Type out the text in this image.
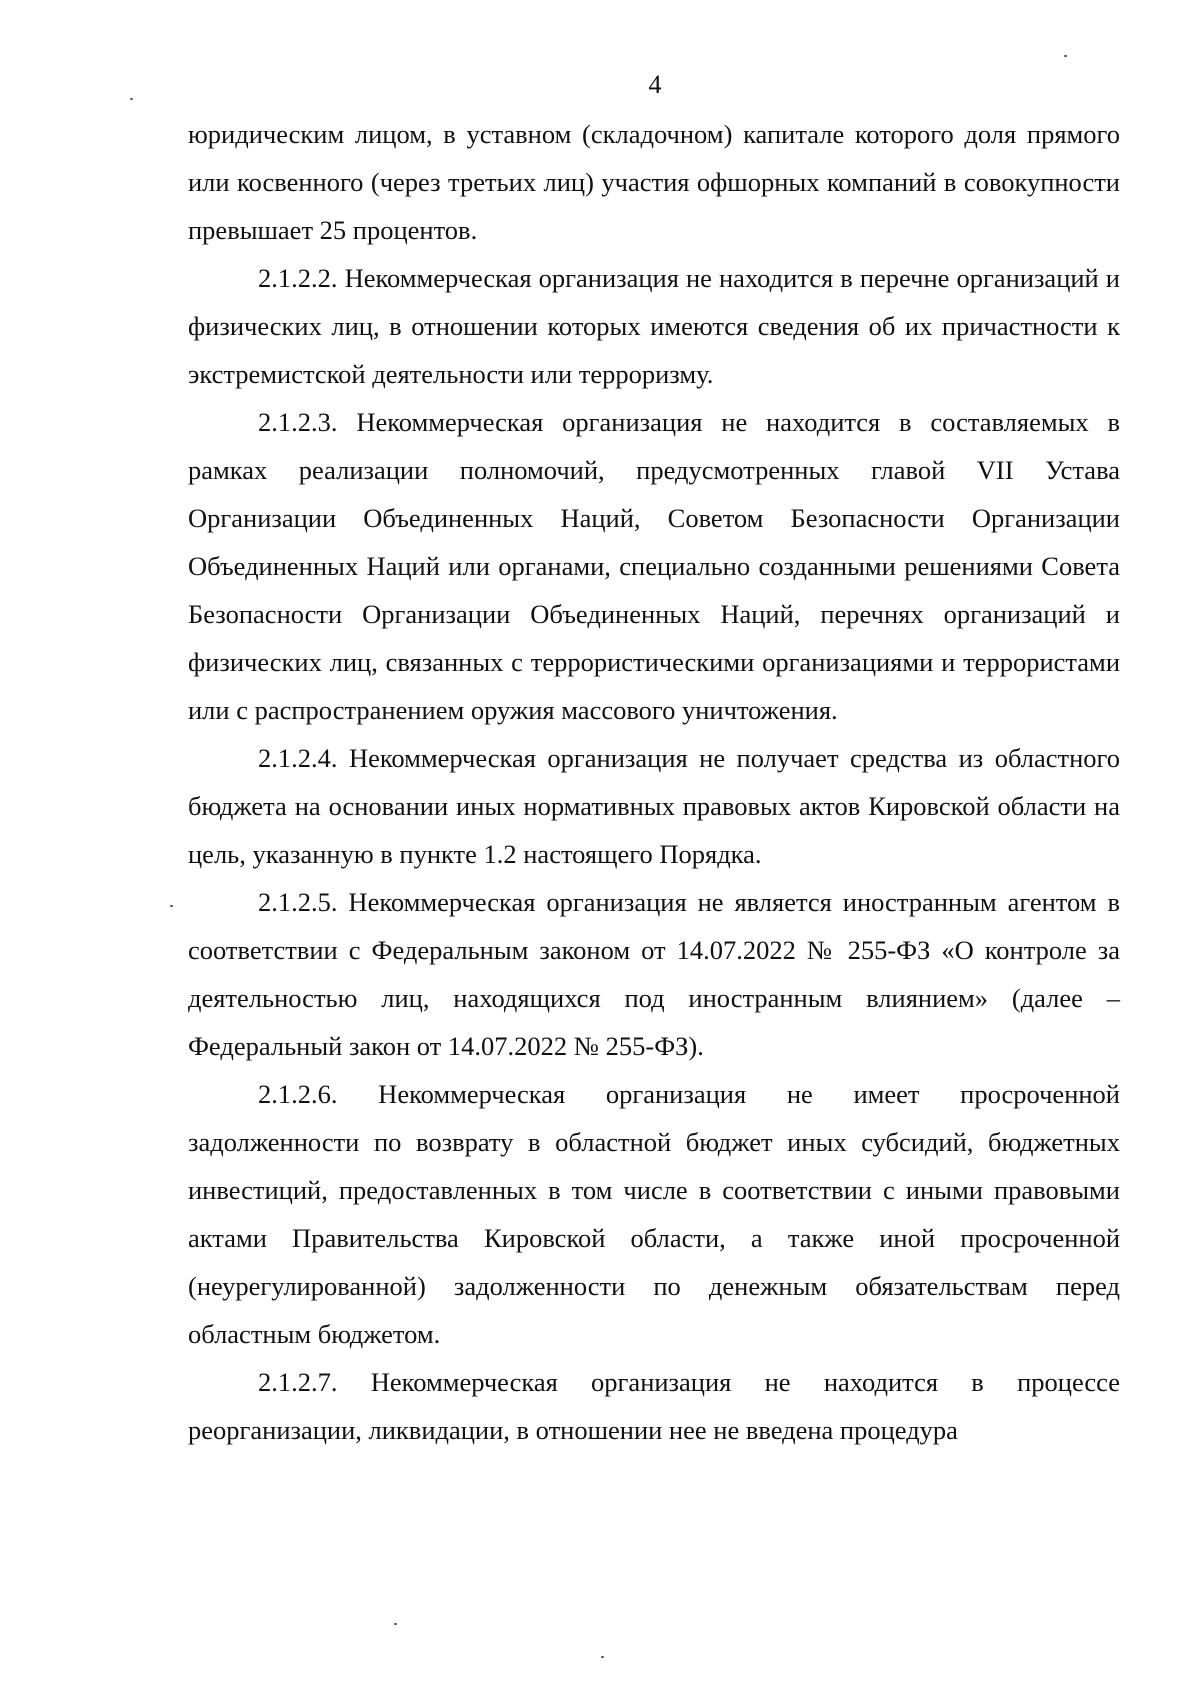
4

юридическим лицом, в уставном (складочном) капитале которого доля прямого или косвенного (через третьих лиц) участия офшорных компаний в совокупности превышает 25 процентов.

2.1.2.2. Некоммерческая организация не находится в перечне организаций и физических лиц, в отношении которых имеются сведения об их причастности к экстремистской деятельности или терроризму.

2.1.2.3. Некоммерческая организация не находится в составляемых в рамках реализации полномочий, предусмотренных главой VII Устава Организации Объединенных Наций, Советом Безопасности Организации Объединенных Наций или органами, специально созданными решениями Совета Безопасности Организации Объединенных Наций, перечнях организаций и физических лиц, связанных с террористическими организациями и террористами или с распространением оружия массового уничтожения.

2.1.2.4. Некоммерческая организация не получает средства из областного бюджета на основании иных нормативных правовых актов Кировской области на цель, указанную в пункте 1.2 настоящего Порядка.

2.1.2.5. Некоммерческая организация не является иностранным агентом в соответствии с Федеральным законом от 14.07.2022 № 255-ФЗ «О контроле за деятельностью лиц, находящихся под иностранным влиянием» (далее – Федеральный закон от 14.07.2022 № 255-ФЗ).

2.1.2.6. Некоммерческая организация не имеет просроченной задолженности по возврату в областной бюджет иных субсидий, бюджетных инвестиций, предоставленных в том числе в соответствии с иными правовыми актами Правительства Кировской области, а также иной просроченной (неурегулированной) задолженности по денежным обязательствам перед областным бюджетом.

2.1.2.7. Некоммерческая организация не находится в процессе реорганизации, ликвидации, в отношении нее не введена процедура
